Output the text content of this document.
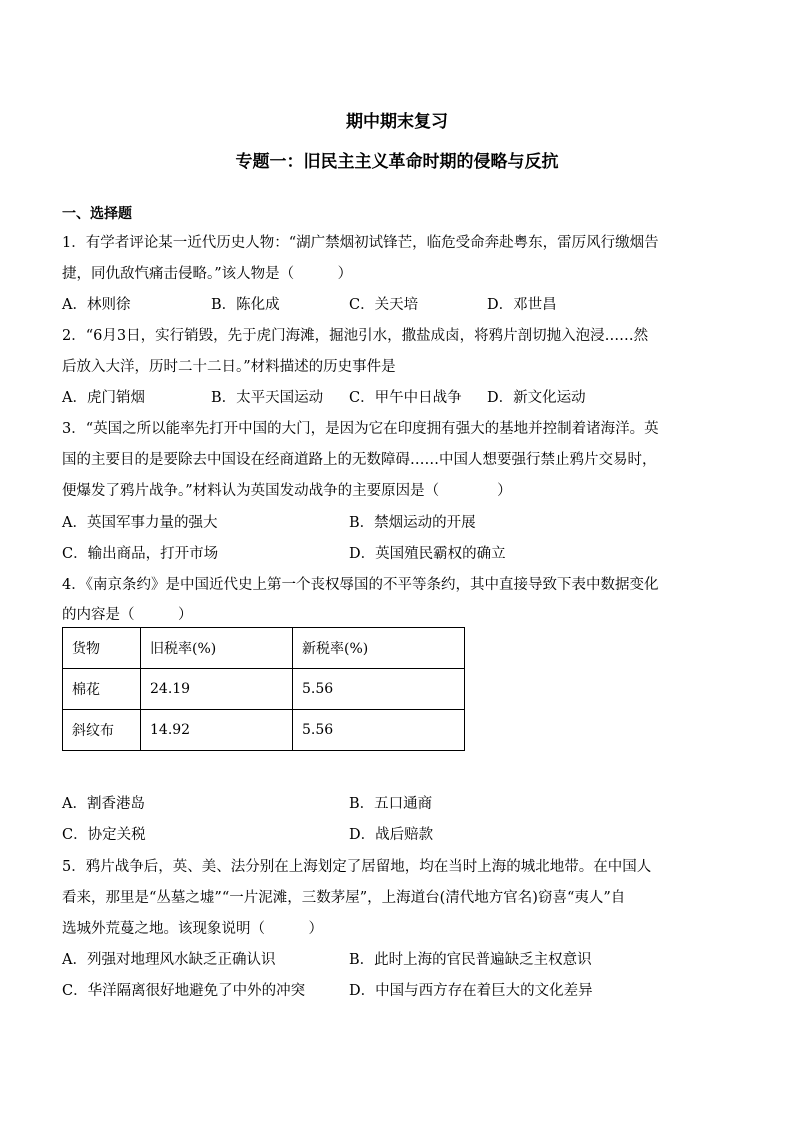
期中期末复习
专题一：旧民主主义革命时期的侵略与反抗
一、选择题
1．有学者评论某一近代历史人物：“湖广禁烟初试锋芒，临危受命奔赴粤东，雷厉风行缴烟告
捷，同仇敌忾痛击侵略。”该人物是（　　　）
A．林则徐	B．陈化成	C．关天培	D．邓世昌
2．“6月3日，实行销毁，先于虎门海滩，掘池引水，撒盐成卤，将鸦片剖切抛入泡浸……然
后放入大洋，历时二十二日。”材料描述的历史事件是
A．虎门销烟	B．太平天国运动 C．甲午中日战争 D．新文化运动
3．“英国之所以能率先打开中国的大门，是因为它在印度拥有强大的基地并控制着诸海洋。英
国的主要目的是要除去中国设在经商道路上的无数障碍……中国人想要强行禁止鸦片交易时，
便爆发了鸦片战争。”材料认为英国发动战争的主要原因是（　　　　）
A．英国军事力量的强大	B．禁烟运动的开展
C．输出商品，打开市场	D．英国殖民霸权的确立
4．《南京条约》是中国近代史上第一个丧权辱国的不平等条约，其中直接导致下表中数据变化
的内容是（　　　）
货物	旧税率(%)	新税率(%)
棉花	24.19	5.56
斜纹布	14.92	5.56
A．割香港岛	B．五口通商
C．协定关税	D．战后赔款
5．鸦片战争后，英、美、法分别在上海划定了居留地，均在当时上海的城北地带。在中国人
看来，那里是“丛墓之墟”“一片泥滩，三数茅屋”，上海道台(清代地方官名)窃喜“夷人”自
选城外荒蔓之地。该现象说明（　　　）
A．列强对地理风水缺乏正确认识	B．此时上海的官民普遍缺乏主权意识
C．华洋隔离很好地避免了中外的冲突	D．中国与西方存在着巨大的文化差异
